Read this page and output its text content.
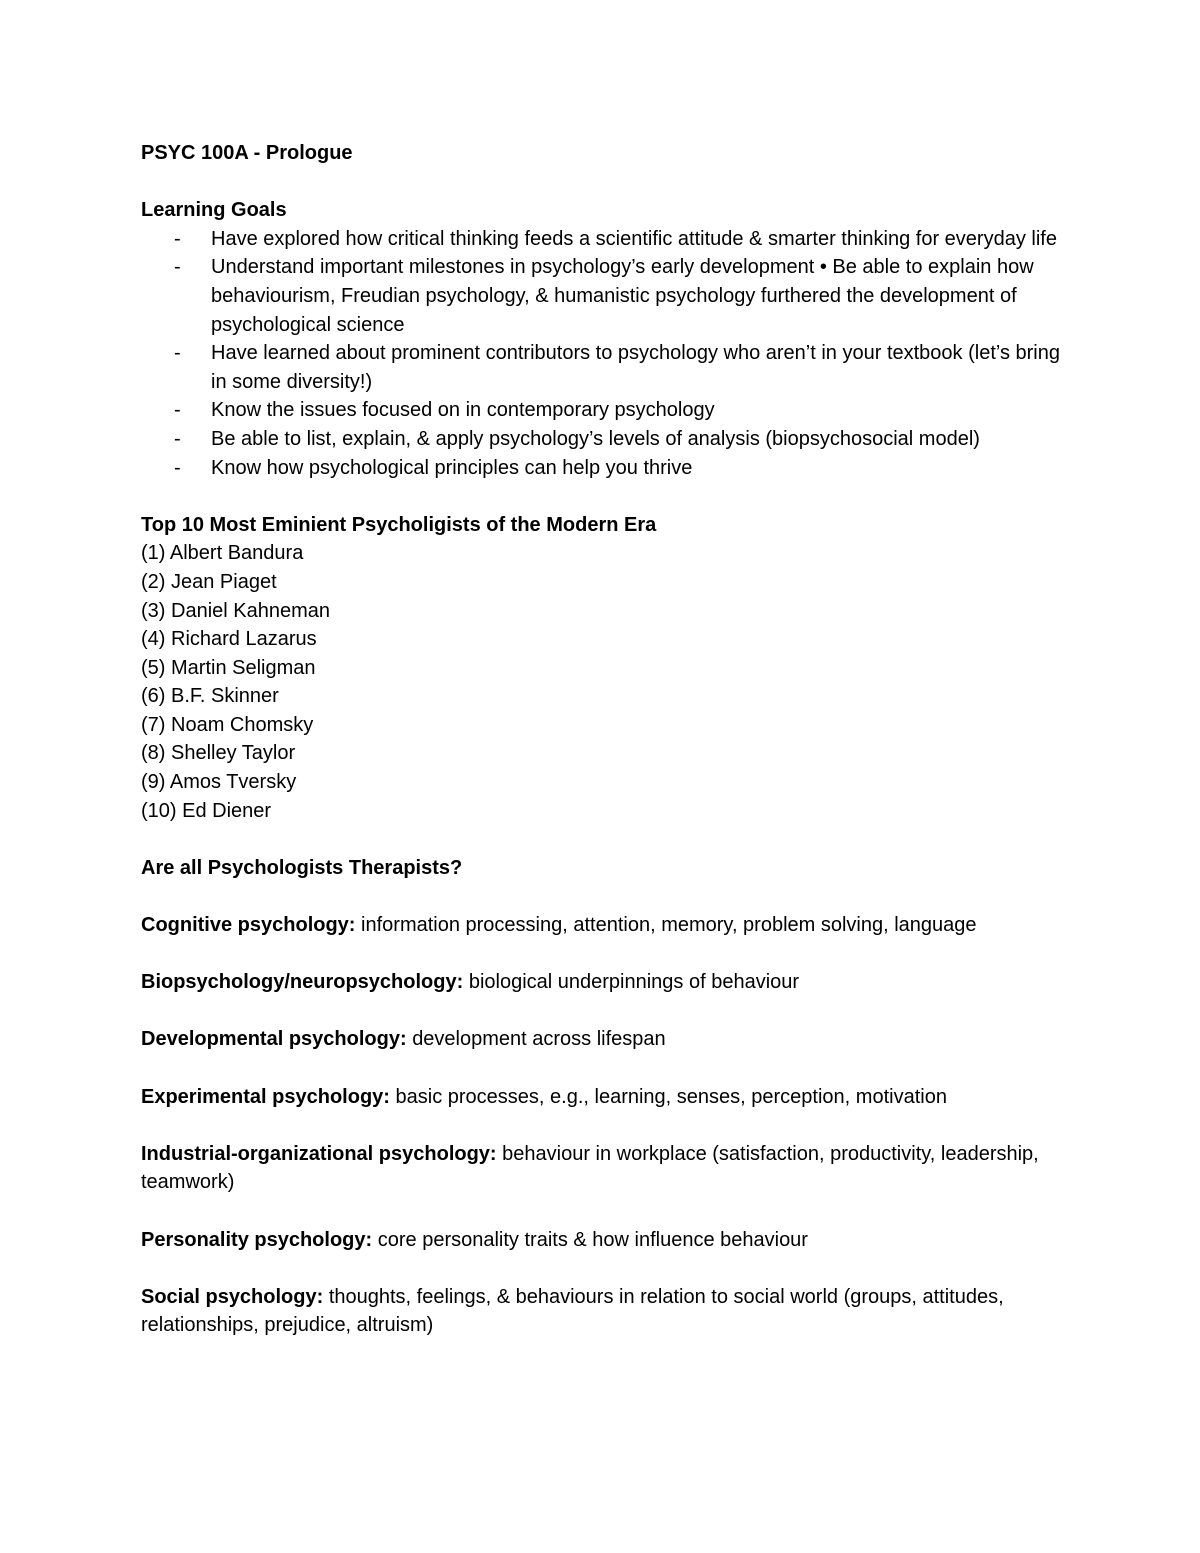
PSYC 100A - Prologue
Learning Goals
- Have explored how critical thinking feeds a scientific attitude & smarter thinking for everyday life
- Understand important milestones in psychology’s early development • Be able to explain how behaviourism, Freudian psychology, & humanistic psychology furthered the development of psychological science
- Have learned about prominent contributors to psychology who aren’t in your textbook (let’s bring in some diversity!)
- Know the issues focused on in contemporary psychology
- Be able to list, explain, & apply psychology’s levels of analysis (biopsychosocial model)
- Know how psychological principles can help you thrive
Top 10 Most Eminient Psycholigists of the Modern Era
(1) Albert Bandura
(2) Jean Piaget
(3) Daniel Kahneman
(4) Richard Lazarus
(5) Martin Seligman
(6) B.F. Skinner
(7) Noam Chomsky
(8) Shelley Taylor
(9) Amos Tversky
(10) Ed Diener
Are all Psychologists Therapists?
Cognitive psychology: information processing, attention, memory, problem solving, language
Biopsychology/neuropsychology: biological underpinnings of behaviour
Developmental psychology: development across lifespan
Experimental psychology: basic processes, e.g., learning, senses, perception, motivation
Industrial-organizational psychology: behaviour in workplace (satisfaction, productivity, leadership, teamwork)
Personality psychology: core personality traits & how influence behaviour
Social psychology: thoughts, feelings, & behaviours in relation to social world (groups, attitudes, relationships, prejudice, altruism)
